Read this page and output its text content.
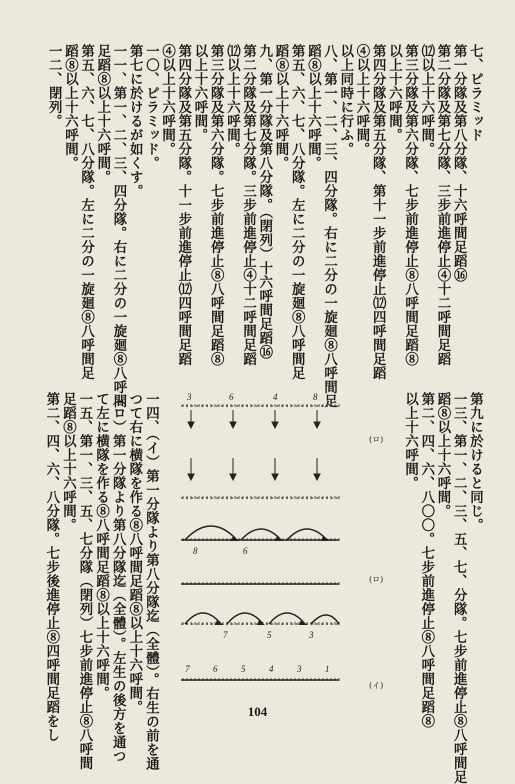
七、ピラミッド
第一分隊及第八分隊、十六呼間足蹈⑯
第二分隊及第七分隊、三步前進停止④十二呼間足蹈
⑿以上十六呼間。
第三分隊及第六分隊、七步前進停止⑧八呼間足蹈⑧
以上十六呼間。
第四分隊及第五分隊、第十一步前進停止⑿四呼間足蹈
④以上十六呼間。
以上同時に行ふ。
八、第一、二、三、四分隊。右に二分の一旋廻⑧八呼間足
蹈⑧以上十六呼間。
第五、六、七、八分隊。左に二分の一旋廻⑧八呼間足
蹈⑧以上十六呼間。
九、第一分隊及第八分隊。（閉列）十六呼間足蹈⑯
第二分隊及第七分隊。三步前進停止④十二呼間足蹈
⑿以上十六呼間。
第三分隊及第六分隊。七步前進停止⑧八呼間足蹈⑧
以上十六呼間。
第四分隊及第五分隊。十一步前進停止⑿四呼間足蹈
④以上十六呼間。
一〇、ピラミッド。
第七に於けるが如くす。
一一、第一、二、三、四分隊。右に二分の一旋廻⑧八呼間
足蹈⑧以上十六呼間。
第五、六、七、八分隊。左に二分の一旋廻⑧八呼間足
蹈⑧以上十六呼間。
一二、閉列。
第九に於けると同じ。
一三、第一、二、三、五、七、分隊。七步前進停止⑧八呼間足
蹈⑧以上十六呼間。
第二、四、六、八〇〇。七步前進停止⑧八呼間足蹈⑧
以上十六呼間。
一四、（イ）第一分隊より第八分隊迄（全體）。右生の前を通
つて右に横隊を作る⑧八呼間足蹈⑧以上十六呼間。
（ロ）第一分隊より第八分隊迄（全體）。左生の後方を通つ
て左に横隊を作る⑧八呼間足蹈⑧以上十六呼間。
一五、第一、三、五、七分隊（閉列）七步前進停止⑧八呼間
足蹈⑧以上十六呼間。
第二、四、六、八分隊。七步後進停止⑧四呼間足蹈をし	3	6	4	8
8	6
7	5	3
7	6	5	4	3	1
(ロ)
(ロ)
(イ)
104
